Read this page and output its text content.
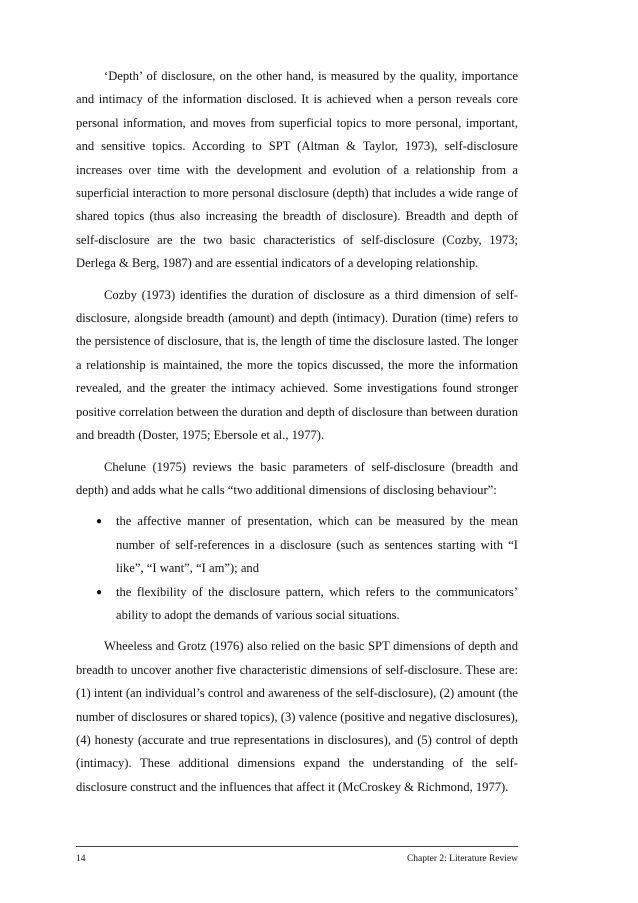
‘Depth’ of disclosure, on the other hand, is measured by the quality, importance and intimacy of the information disclosed. It is achieved when a person reveals core personal information, and moves from superficial topics to more personal, important, and sensitive topics. According to SPT (Altman & Taylor, 1973), self-disclosure increases over time with the development and evolution of a relationship from a superficial interaction to more personal disclosure (depth) that includes a wide range of shared topics (thus also increasing the breadth of disclosure). Breadth and depth of self-disclosure are the two basic characteristics of self-disclosure (Cozby, 1973; Derlega & Berg, 1987) and are essential indicators of a developing relationship.

Cozby (1973) identifies the duration of disclosure as a third dimension of self-disclosure, alongside breadth (amount) and depth (intimacy). Duration (time) refers to the persistence of disclosure, that is, the length of time the disclosure lasted. The longer a relationship is maintained, the more the topics discussed, the more the information revealed, and the greater the intimacy achieved. Some investigations found stronger positive correlation between the duration and depth of disclosure than between duration and breadth (Doster, 1975; Ebersole et al., 1977).

Chelune (1975) reviews the basic parameters of self-disclosure (breadth and depth) and adds what he calls “two additional dimensions of disclosing behaviour”:

● the affective manner of presentation, which can be measured by the mean number of self-references in a disclosure (such as sentences starting with “I like”, “I want”, “I am”); and
● the flexibility of the disclosure pattern, which refers to the communicators’ ability to adopt the demands of various social situations.

Wheeless and Grotz (1976) also relied on the basic SPT dimensions of depth and breadth to uncover another five characteristic dimensions of self-disclosure. These are: (1) intent (an individual’s control and awareness of the self-disclosure), (2) amount (the number of disclosures or shared topics), (3) valence (positive and negative disclosures), (4) honesty (accurate and true representations in disclosures), and (5) control of depth (intimacy). These additional dimensions expand the understanding of the self-disclosure construct and the influences that affect it (McCroskey & Richmond, 1977).

14	Chapter 2: Literature Review
